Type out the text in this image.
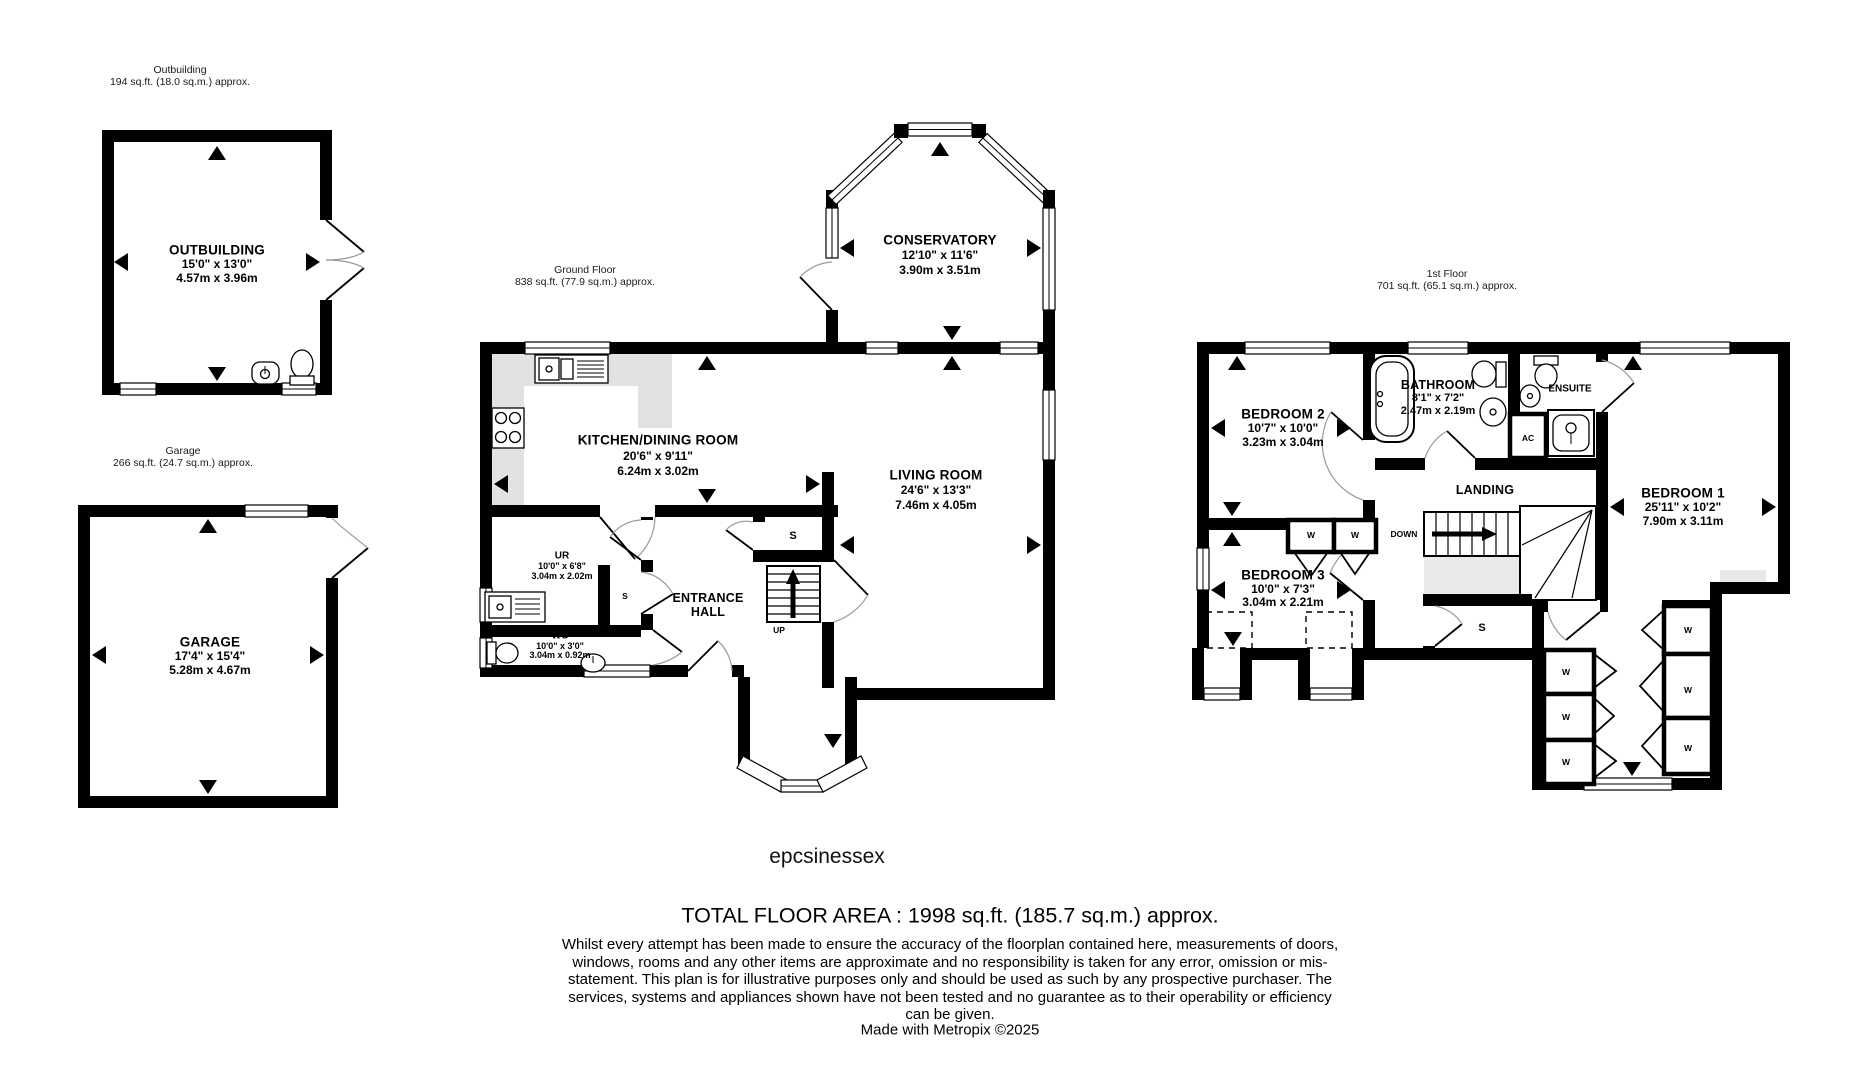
Outbuilding
194 sq.ft. (18.0 sq.m.) approx.
OUTBUILDING
15'0" x 13'0"
4.57m x 3.96m
Garage
266 sq.ft. (24.7 sq.m.) approx.
GARAGE
17'4" x 15'4"
5.28m x 4.67m
Ground Floor
838 sq.ft. (77.9 sq.m.) approx.
KITCHEN/DINING ROOM
20'6" x 9'11"
6.24m x 3.02m	LIVING ROOM
24'6" x 13'3"
7.46m x 4.05m
CONSERVATORY
12'10" x 11'6"
3.90m x 3.51m
ENTRANCE
HALL
UR
10'0" x 6'8"
3.04m x 2.02m
WC
10'0" x 3'0"
3.04m x 0.92m
S
S
UP
1st Floor
701 sq.ft. (65.1 sq.m.) approx.
BEDROOM 2
10'7" x 10'0"
3.23m x 3.04m
BEDROOM 3
10'0" x 7'3"
3.04m x 2.21m
BATHROOM
8'1" x 7'2"
2.47m x 2.19m
ENSUITE
AC
BEDROOM 1
25'11" x 10'2"
7.90m x 3.11m
LANDING
DOWN
S
W	W
W
W
W
W
W
W
epcsinessex
TOTAL FLOOR AREA : 1998 sq.ft. (185.7 sq.m.) approx.
Whilst every attempt has been made to ensure the accuracy of the floorplan contained here, measurements of doors, windows, rooms and any other items are approximate and no responsibility is taken for any error, omission or mis-statement. This plan is for illustrative purposes only and should be used as such by any prospective purchaser. The services, systems and appliances shown have not been tested and no guarantee as to their operability or efficiency can be given.
Made with Metropix ©2025
